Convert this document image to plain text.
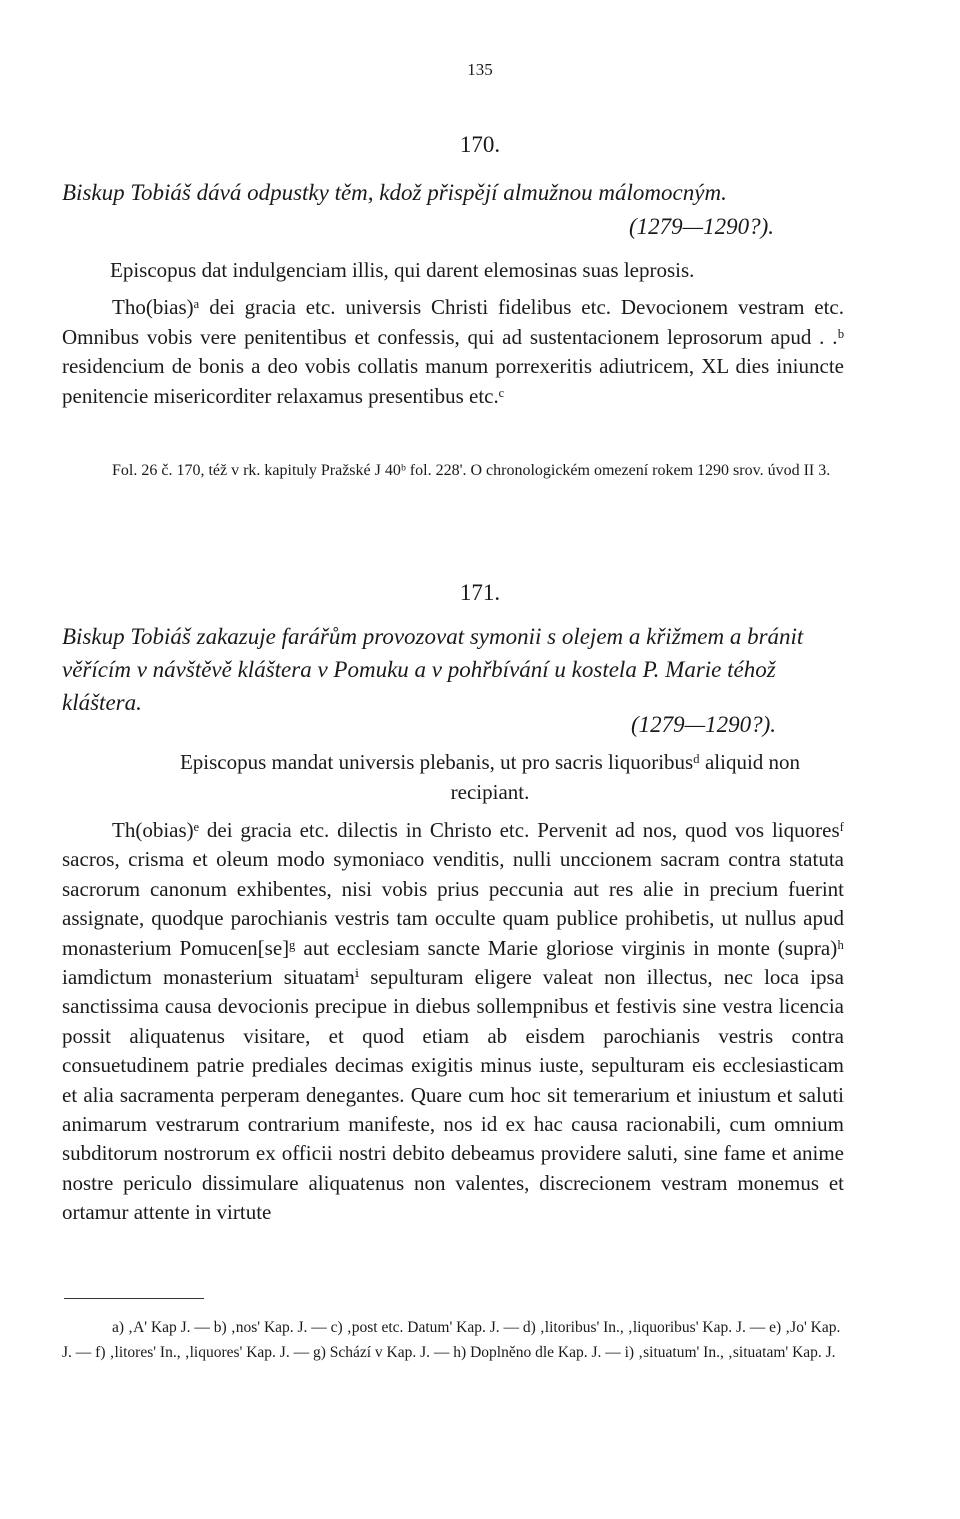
135
170.
Biskup Tobiáš dává odpustky těm, kdož přispějí almužnou málomocným.
(1279—1290?).
Episcopus dat indulgenciam illis, qui darent elemosinas suas leprosis.

Tho(bias)ᵃ dei gracia etc. universis Christi fidelibus etc. Devocionem vestram etc. Omnibus vobis vere penitentibus et confessis, qui ad sustentacionem leprosorum apud . .ᵇ residencium de bonis a deo vobis collatis manum porrexeritis adiutricem, XL dies iniuncte penitencie misericorditer relaxamus presentibus etc.ᶜ

Fol. 26 č. 170, též v rk. kapituly Pražské J 40ᵇ fol. 228'. O chronologickém omezení rokem 1290 srov. úvod II 3.

171.
Biskup Tobiáš zakazuje farářům provozovat symonii s olejem a křižmem a bránit věřícím v návštěvě kláštera v Pomuku a v pohřbívání u kostela P. Marie téhož kláštera.
(1279—1290?).
Episcopus mandat universis plebanis, ut pro sacris liquoribusᵈ aliquid non recipiant.

Th(obias)ᵉ dei gracia etc. dilectis in Christo etc. Pervenit ad nos, quod vos liquoresᶠ sacros, crisma et oleum modo symoniaco venditis, nulli unccionem sacram contra statuta sacrorum canonum exhibentes, nisi vobis prius peccunia aut res alie in precium fuerint assignate, quodque parochianis vestris tam occulte quam publice prohibetis, ut nullus apud monasterium Pomucen[se]ᵍ aut ecclesiam sancte Marie gloriose virginis in monte (supra)ʰ iamdictum monasterium situatamⁱ sepulturam eligere valeat non illectus, nec loca ipsa sanctissima causa devocionis precipue in diebus sollempnibus et festivis sine vestra licencia possit aliquatenus visitare, et quod etiam ab eisdem parochianis vestris contra consuetudinem patrie prediales decimas exigitis minus iuste, sepulturam eis ecclesiasticam et alia sacramenta perperam denegantes. Quare cum hoc sit temerarium et iniustum et saluti animarum vestrarum contrarium manifeste, nos id ex hac causa racionabili, cum omnium subditorum nostrorum ex officii nostri debito debeamus providere saluti, sine fame et anime nostre periculo dissimulare aliquatenus non valentes, discrecionem vestram monemus et ortamur attente in virtute

a) ‚A' Kap J. — b) ‚nos' Kap. J. — c) ‚post etc. Datum' Kap. J. — d) ‚litoribus' In., ‚liquoribus' Kap. J. — e) ‚Jo' Kap. J. — f) ‚litores' In., ‚liquores' Kap. J. — g) Schází v Kap. J. — h) Doplněno dle Kap. J. — i) ‚situatum' In., ‚situatam' Kap. J.
